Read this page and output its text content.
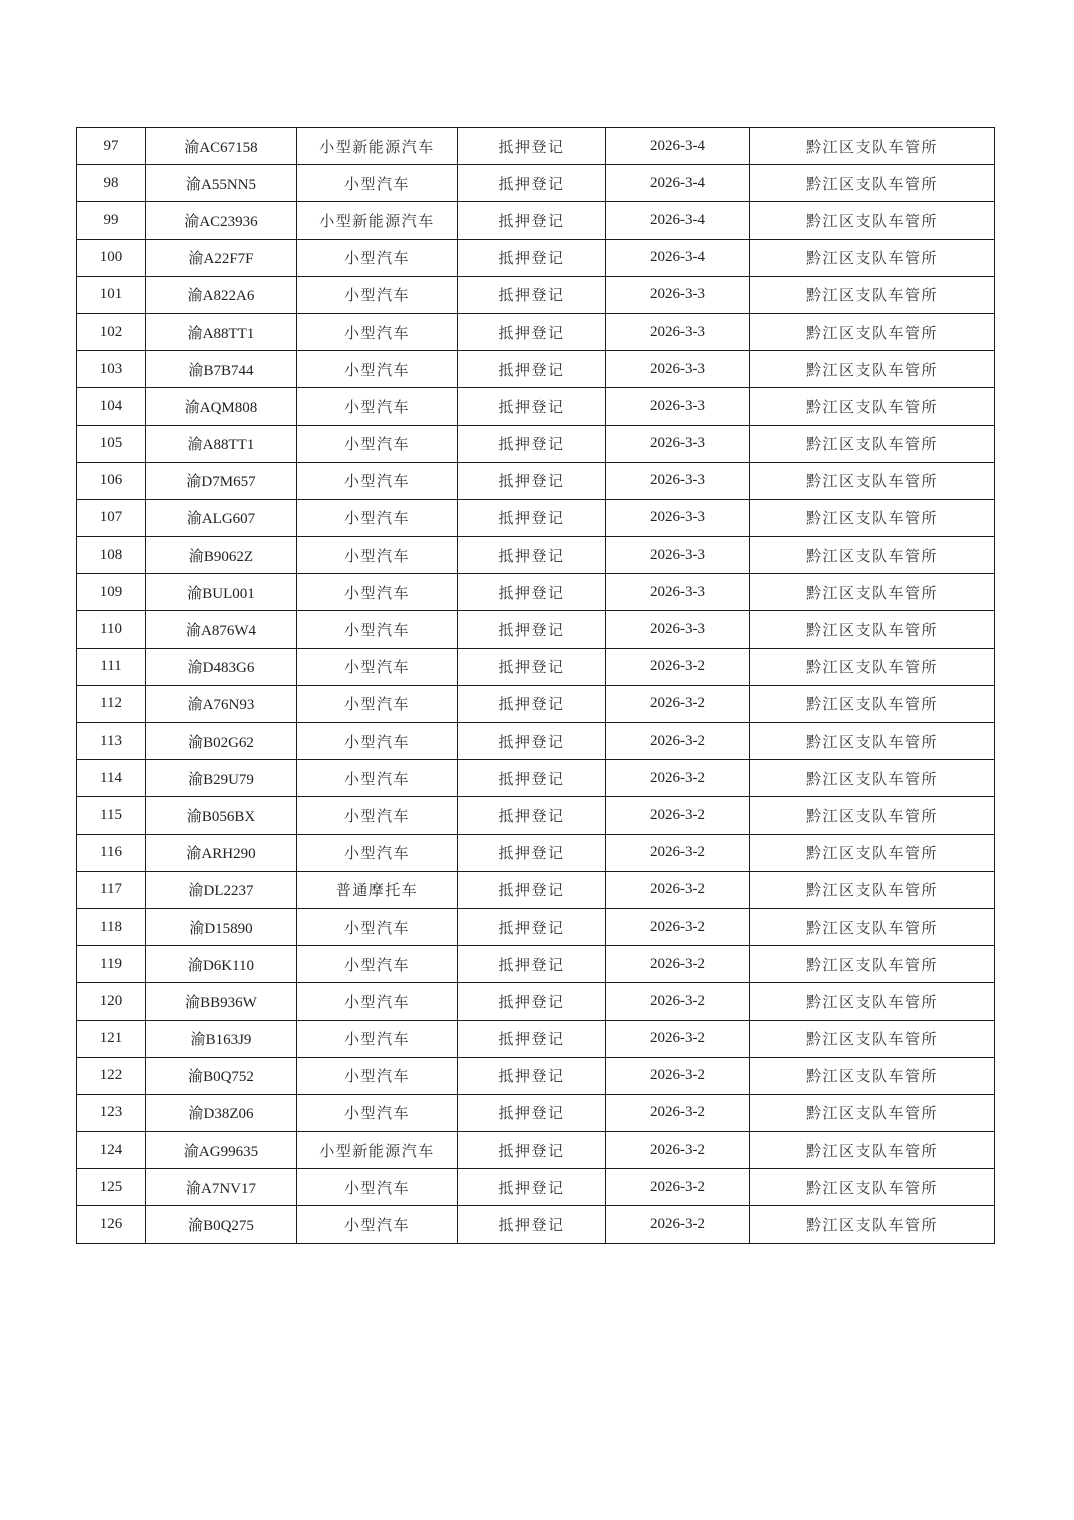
97	渝AC67158	小型新能源汽车	抵押登记	2026-3-4	黔江区支队车管所
98	渝A55NN5	小型汽车	抵押登记	2026-3-4	黔江区支队车管所
99	渝AC23936	小型新能源汽车	抵押登记	2026-3-4	黔江区支队车管所
100	渝A22F7F	小型汽车	抵押登记	2026-3-4	黔江区支队车管所
101	渝A822A6	小型汽车	抵押登记	2026-3-3	黔江区支队车管所
102	渝A88TT1	小型汽车	抵押登记	2026-3-3	黔江区支队车管所
103	渝B7B744	小型汽车	抵押登记	2026-3-3	黔江区支队车管所
104	渝AQM808	小型汽车	抵押登记	2026-3-3	黔江区支队车管所
105	渝A88TT1	小型汽车	抵押登记	2026-3-3	黔江区支队车管所
106	渝D7M657	小型汽车	抵押登记	2026-3-3	黔江区支队车管所
107	渝ALG607	小型汽车	抵押登记	2026-3-3	黔江区支队车管所
108	渝B9062Z	小型汽车	抵押登记	2026-3-3	黔江区支队车管所
109	渝BUL001	小型汽车	抵押登记	2026-3-3	黔江区支队车管所
110	渝A876W4	小型汽车	抵押登记	2026-3-3	黔江区支队车管所
111	渝D483G6	小型汽车	抵押登记	2026-3-2	黔江区支队车管所
112	渝A76N93	小型汽车	抵押登记	2026-3-2	黔江区支队车管所
113	渝B02G62	小型汽车	抵押登记	2026-3-2	黔江区支队车管所
114	渝B29U79	小型汽车	抵押登记	2026-3-2	黔江区支队车管所
115	渝B056BX	小型汽车	抵押登记	2026-3-2	黔江区支队车管所
116	渝ARH290	小型汽车	抵押登记	2026-3-2	黔江区支队车管所
117	渝DL2237	普通摩托车	抵押登记	2026-3-2	黔江区支队车管所
118	渝D15890	小型汽车	抵押登记	2026-3-2	黔江区支队车管所
119	渝D6K110	小型汽车	抵押登记	2026-3-2	黔江区支队车管所
120	渝BB936W	小型汽车	抵押登记	2026-3-2	黔江区支队车管所
121	渝B163J9	小型汽车	抵押登记	2026-3-2	黔江区支队车管所
122	渝B0Q752	小型汽车	抵押登记	2026-3-2	黔江区支队车管所
123	渝D38Z06	小型汽车	抵押登记	2026-3-2	黔江区支队车管所
124	渝AG99635	小型新能源汽车	抵押登记	2026-3-2	黔江区支队车管所
125	渝A7NV17	小型汽车	抵押登记	2026-3-2	黔江区支队车管所
126	渝B0Q275	小型汽车	抵押登记	2026-3-2	黔江区支队车管所
